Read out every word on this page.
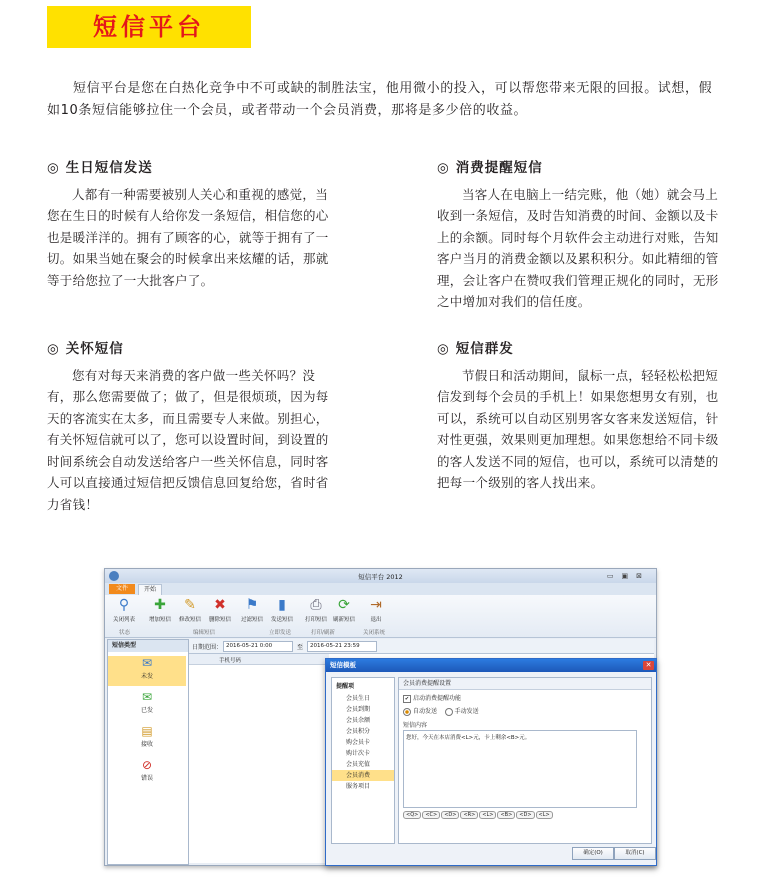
短信平台

短信平台是您在白热化竞争中不可或缺的制胜法宝，他用微小的投入，可以帮您带来无限的回报。试想，假如10条短信能够拉住一个会员，或者带动一个会员消费，那将是多少倍的收益。

◎ 生日短信发送

人都有一种需要被别人关心和重视的感觉，当您在生日的时候有人给你发一条短信，相信您的心也是暖洋洋的。拥有了顾客的心，就等于拥有了一切。如果当她在聚会的时候拿出来炫耀的话，那就等于给您拉了一大批客户了。

◎ 消费提醒短信

当客人在电脑上一结完账，他（她）就会马上收到一条短信，及时告知消费的时间、金额以及卡上的余额。同时每个月软件会主动进行对账，告知客户当月的消费金额以及累积积分。如此精细的管理，会让客户在赞叹我们管理正规化的同时，无形之中增加对我们的信任度。

◎ 关怀短信

您有对每天来消费的客户做一些关怀吗？没有，那么您需要做了；做了，但是很烦琐，因为每天的客流实在太多，而且需要专人来做。别担心，有关怀短信就可以了，您可以设置时间，到设置的时间系统会自动发送给客户一些关怀信息，同时客人可以直接通过短信把反馈信息回复给您，省时省力省钱！

◎ 短信群发

节假日和活动期间，鼠标一点，轻轻松松把短信发到每个会员的手机上！如果您想男女有别，也可以，系统可以自动区别男客女客来发送短信，针对性更强，效果则更加理想。如果您想给不同卡级的客人发送不同的短信，也可以，系统可以清楚的把每一个级别的客人找出来。

短信平台 2012	▭▣⊠
文件	开始
⚲
关闭列表
✚
增加短信
✎
修改短信
✖
删除短信
⚑
过滤短信
▮
发送短信
⎙
打印短信
⟳
刷新短信
⇥
退出
状态	编辑短信	立即发送	打印/刷新	关闭系统
短信类型
✉
未发
✉
已发
▤
接收
⊘
错误
日期范围： 2016-05-21 0:00	至	2016-05-21 23:59
手机号码	短信模板	✕
提醒项
会员生日
会员到期
会员余额
会员积分
购会员卡
购计次卡
会员充值
会员消费
服务项目
会员消费提醒设置
✔ 启动消费提醒功能
自动发送	手动发送
短信内容
您好，今天在本店消费<L>元，卡上剩余<B>元。
<Q> <C> <D> <R> <L> <B> <D> <L>
确定(O)	取消(C)
